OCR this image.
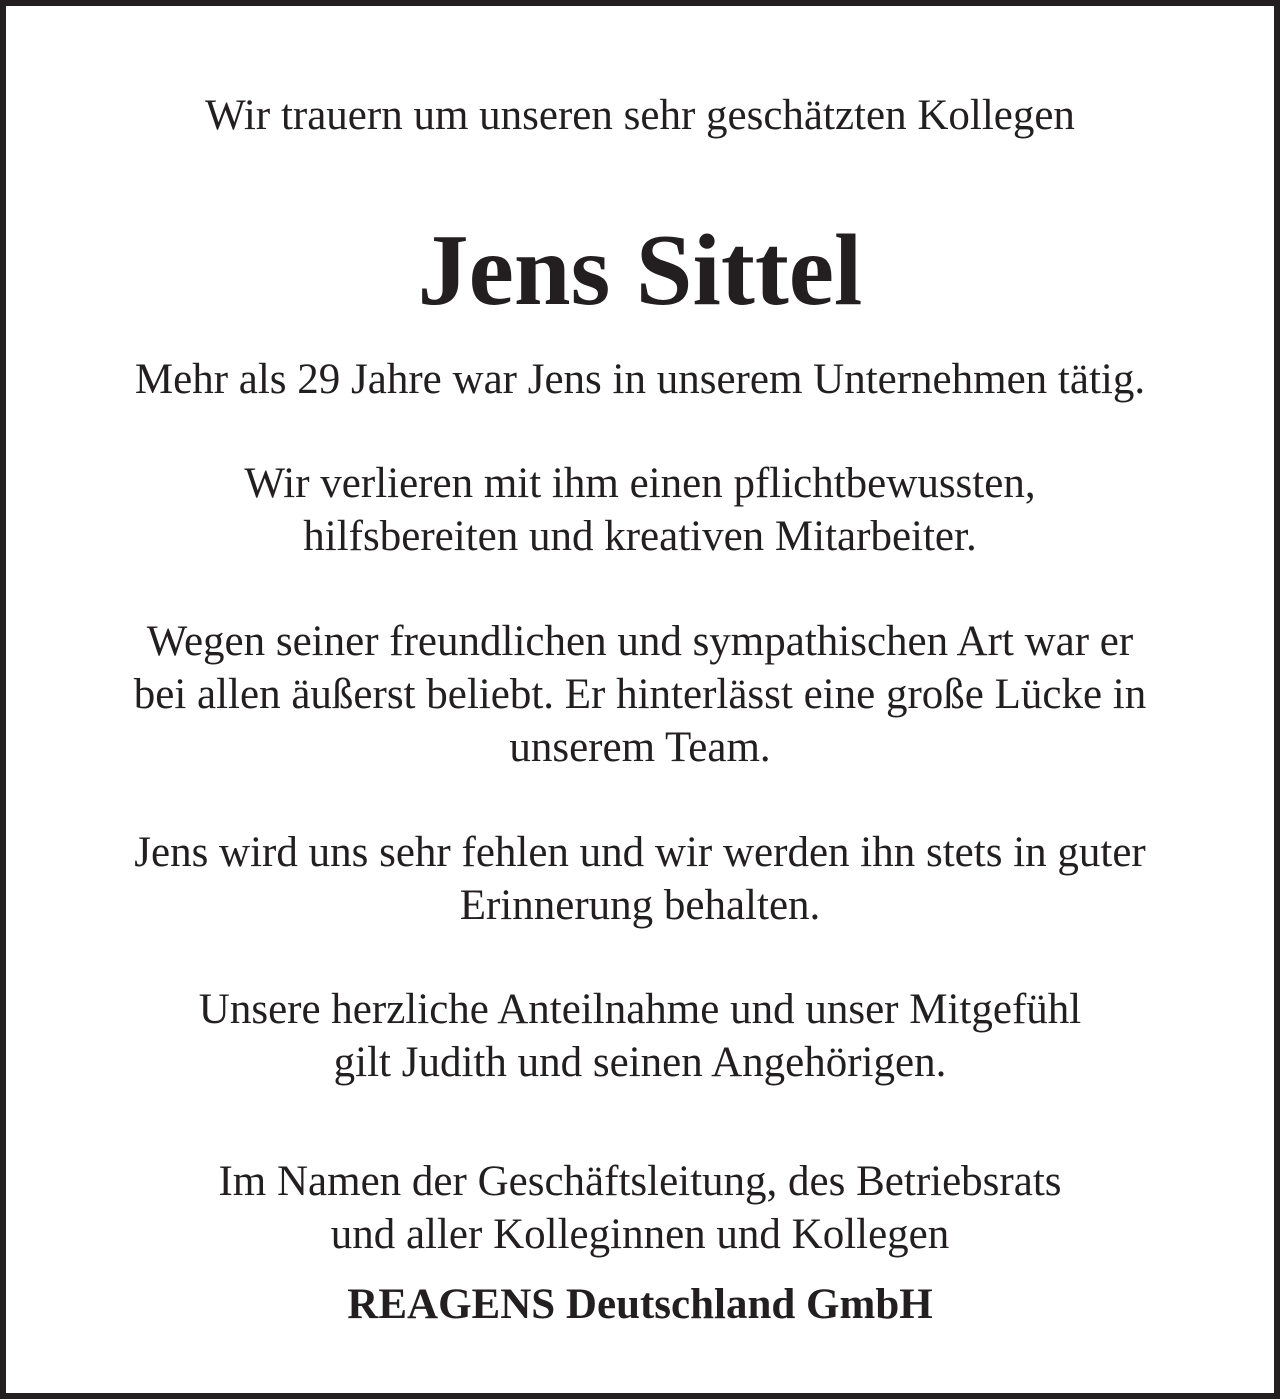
Wir trauern um unseren sehr geschätzten Kollegen
Jens Sittel
Mehr als 29 Jahre war Jens in unserem Unternehmen tätig.
Wir verlieren mit ihm einen pflichtbewussten,
hilfsbereiten und kreativen Mitarbeiter.
Wegen seiner freundlichen und sympathischen Art war er
bei allen äußerst beliebt. Er hinterlässt eine große Lücke in
unserem Team.
Jens wird uns sehr fehlen und wir werden ihn stets in guter
Erinnerung behalten.
Unsere herzliche Anteilnahme und unser Mitgefühl
gilt Judith und seinen Angehörigen.
Im Namen der Geschäftsleitung, des Betriebsrats
und aller Kolleginnen und Kollegen
REAGENS Deutschland GmbH
